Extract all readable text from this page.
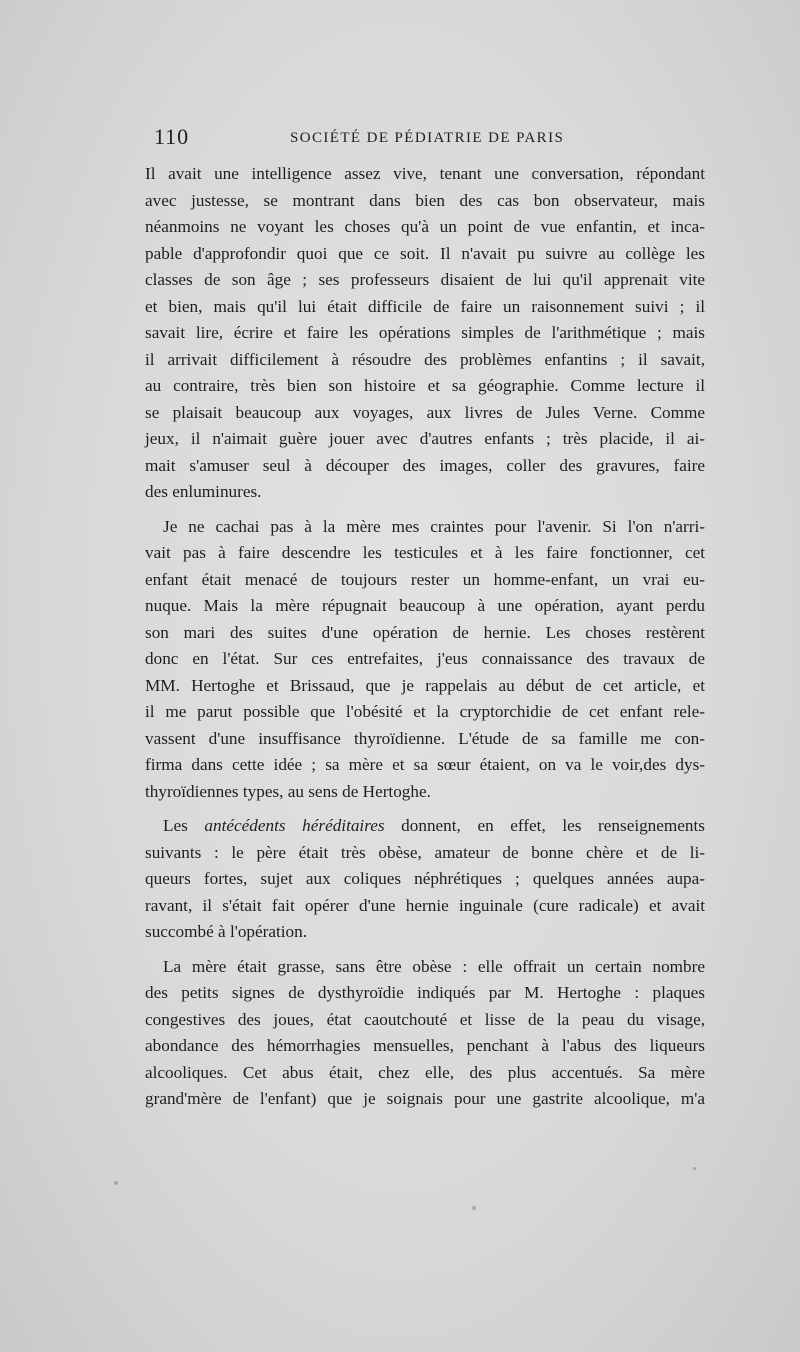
110	SOCIÉTÉ DE PÉDIATRIE DE PARIS
Il avait une intelligence assez vive, tenant une conversation, répondant
avec justesse, se montrant dans bien des cas bon observateur, mais
néanmoins ne voyant les choses qu'à un point de vue enfantin, et inca-
pable d'approfondir quoi que ce soit. Il n'avait pu suivre au collège les
classes de son âge ; ses professeurs disaient de lui qu'il apprenait vite
et bien, mais qu'il lui était difficile de faire un raisonnement suivi ; il
savait lire, écrire et faire les opérations simples de l'arithmétique ; mais
il arrivait difficilement à résoudre des problèmes enfantins ; il savait,
au contraire, très bien son histoire et sa géographie. Comme lecture il
se plaisait beaucoup aux voyages, aux livres de Jules Verne. Comme
jeux, il n'aimait guère jouer avec d'autres enfants ; très placide, il ai-
mait s'amuser seul à découper des images, coller des gravures, faire
des enluminures.
Je ne cachai pas à la mère mes craintes pour l'avenir. Si l'on n'arri-
vait pas à faire descendre les testicules et à les faire fonctionner, cet
enfant était menacé de toujours rester un homme-enfant, un vrai eu-
nuque. Mais la mère répugnait beaucoup à une opération, ayant perdu
son mari des suites d'une opération de hernie. Les choses restèrent
donc en l'état. Sur ces entrefaites, j'eus connaissance des travaux de
MM. Hertoghe et Brissaud, que je rappelais au début de cet article, et
il me parut possible que l'obésité et la cryptorchidie de cet enfant rele-
vassent d'une insuffisance thyroïdienne. L'étude de sa famille me con-
firma dans cette idée ; sa mère et sa sœur étaient, on va le voir,des dys-
thyroïdiennes types, au sens de Hertoghe.
Les antécédents héréditaires donnent, en effet, les renseignements
suivants : le père était très obèse, amateur de bonne chère et de li-
queurs fortes, sujet aux coliques néphrétiques ; quelques années aupa-
ravant, il s'était fait opérer d'une hernie inguinale (cure radicale) et avait
succombé à l'opération.
La mère était grasse, sans être obèse : elle offrait un certain nombre
des petits signes de dysthyroïdie indiqués par M. Hertoghe : plaques
congestives des joues, état caoutchouté et lisse de la peau du visage,
abondance des hémorrhagies mensuelles, penchant à l'abus des liqueurs
alcooliques. Cet abus était, chez elle, des plus accentués. Sa mère
grand'mère de l'enfant) que je soignais pour une gastrite alcoolique, m'a
